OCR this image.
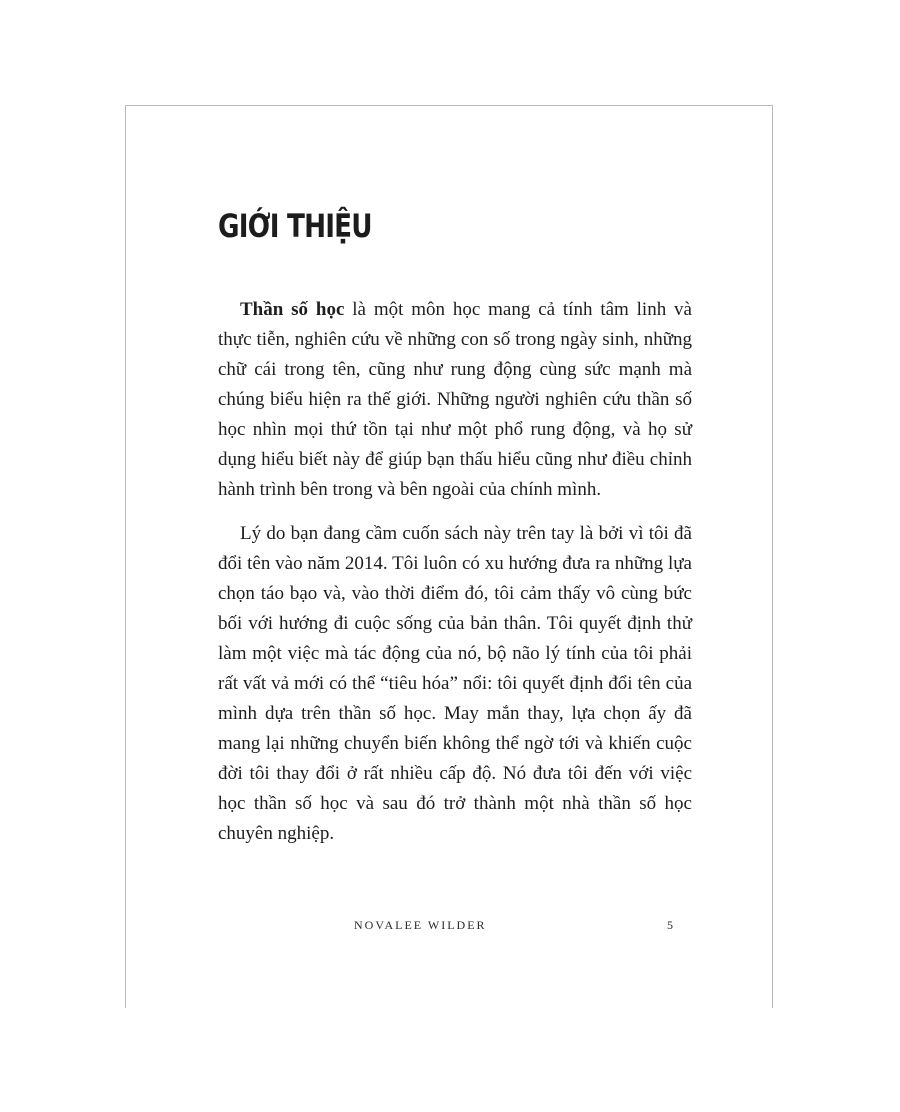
GIỚI THIỆU

Thần số học là một môn học mang cả tính tâm linh và thực tiễn, nghiên cứu về những con số trong ngày sinh, những chữ cái trong tên, cũng như rung động cùng sức mạnh mà chúng biểu hiện ra thế giới. Những người nghiên cứu thần số học nhìn mọi thứ tồn tại như một phổ rung động, và họ sử dụng hiểu biết này để giúp bạn thấu hiểu cũng như điều chỉnh hành trình bên trong và bên ngoài của chính mình.

Lý do bạn đang cầm cuốn sách này trên tay là bởi vì tôi đã đổi tên vào năm 2014. Tôi luôn có xu hướng đưa ra những lựa chọn táo bạo và, vào thời điểm đó, tôi cảm thấy vô cùng bức bối với hướng đi cuộc sống của bản thân. Tôi quyết định thử làm một việc mà tác động của nó, bộ não lý tính của tôi phải rất vất vả mới có thể “tiêu hóa” nổi: tôi quyết định đổi tên của mình dựa trên thần số học. May mắn thay, lựa chọn ấy đã mang lại những chuyển biến không thể ngờ tới và khiến cuộc đời tôi thay đổi ở rất nhiều cấp độ. Nó đưa tôi đến với việc học thần số học và sau đó trở thành một nhà thần số học chuyên nghiệp.

NOVALEE WILDER	5
